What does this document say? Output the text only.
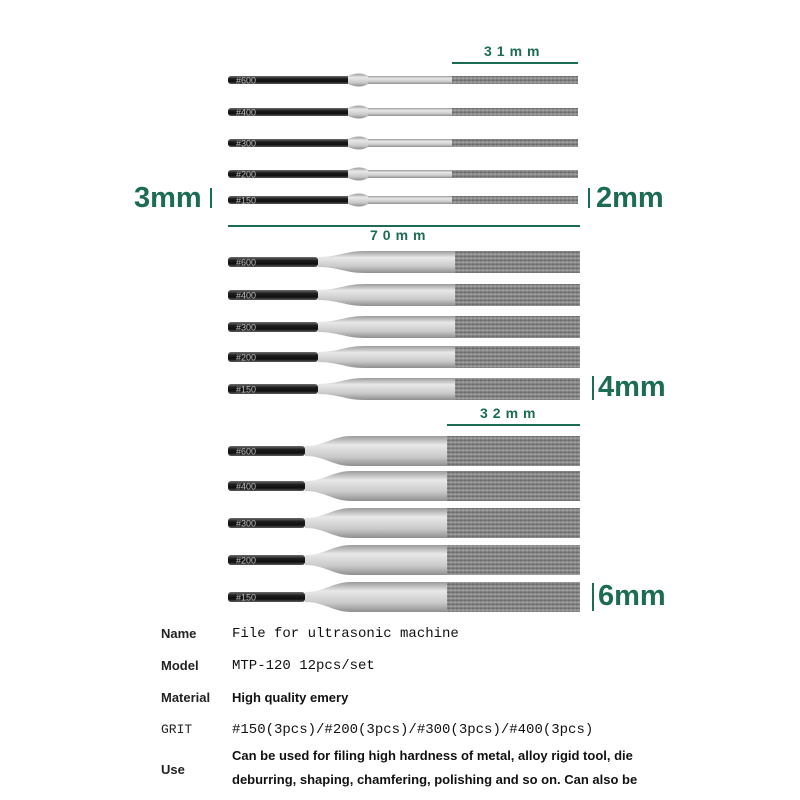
#600
#400
#300
#200
#150
#600
#400
#300
#200
#150
#600
#400
#300
#200
#150
31mm
3mm	2mm
70mm
4mm
32mm
6mm
Name	File for ultrasonic machine
Model MTP-120 12pcs/set
Material High quality emery
GRIT	#150(3pcs)/#200(3pcs)/#300(3pcs)/#400(3pcs)
Use
Can be used for filing high hardness of metal, alloy rigid tool, die deburring, shaping, chamfering, polishing and so on. Can also be
